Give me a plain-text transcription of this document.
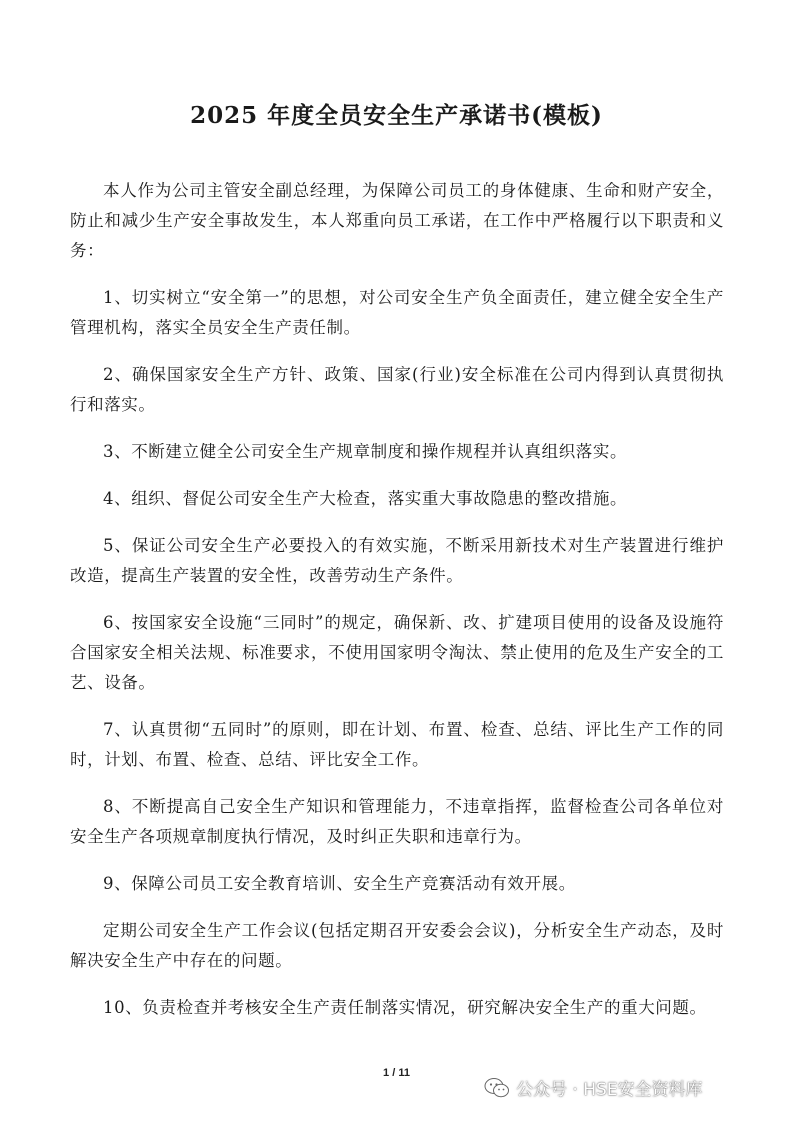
2025 年度全员安全生产承诺书(模板)

本人作为公司主管安全副总经理，为保障公司员工的身体健康、生命和财产安全，防止和减少生产安全事故发生，本人郑重向员工承诺，在工作中严格履行以下职责和义务：

1、切实树立“安全第一”的思想，对公司安全生产负全面责任，建立健全安全生产管理机构，落实全员安全生产责任制。

2、确保国家安全生产方针、政策、国家(行业)安全标准在公司内得到认真贯彻执行和落实。

3、不断建立健全公司安全生产规章制度和操作规程并认真组织落实。

4、组织、督促公司安全生产大检查，落实重大事故隐患的整改措施。

5、保证公司安全生产必要投入的有效实施，不断采用新技术对生产装置进行维护改造，提高生产装置的安全性，改善劳动生产条件。

6、按国家安全设施“三同时”的规定，确保新、改、扩建项目使用的设备及设施符合国家安全相关法规、标准要求，不使用国家明令淘汰、禁止使用的危及生产安全的工艺、设备。

7、认真贯彻“五同时”的原则，即在计划、布置、检查、总结、评比生产工作的同时，计划、布置、检查、总结、评比安全工作。

8、不断提高自己安全生产知识和管理能力，不违章指挥，监督检查公司各单位对安全生产各项规章制度执行情况，及时纠正失职和违章行为。

9、保障公司员工安全教育培训、安全生产竞赛活动有效开展。

定期公司安全生产工作会议(包括定期召开安委会会议)，分析安全生产动态，及时解决安全生产中存在的问题。

10、负责检查并考核安全生产责任制落实情况，研究解决安全生产的重大问题。

1 / 11
公众号 · HSE安全资料库
